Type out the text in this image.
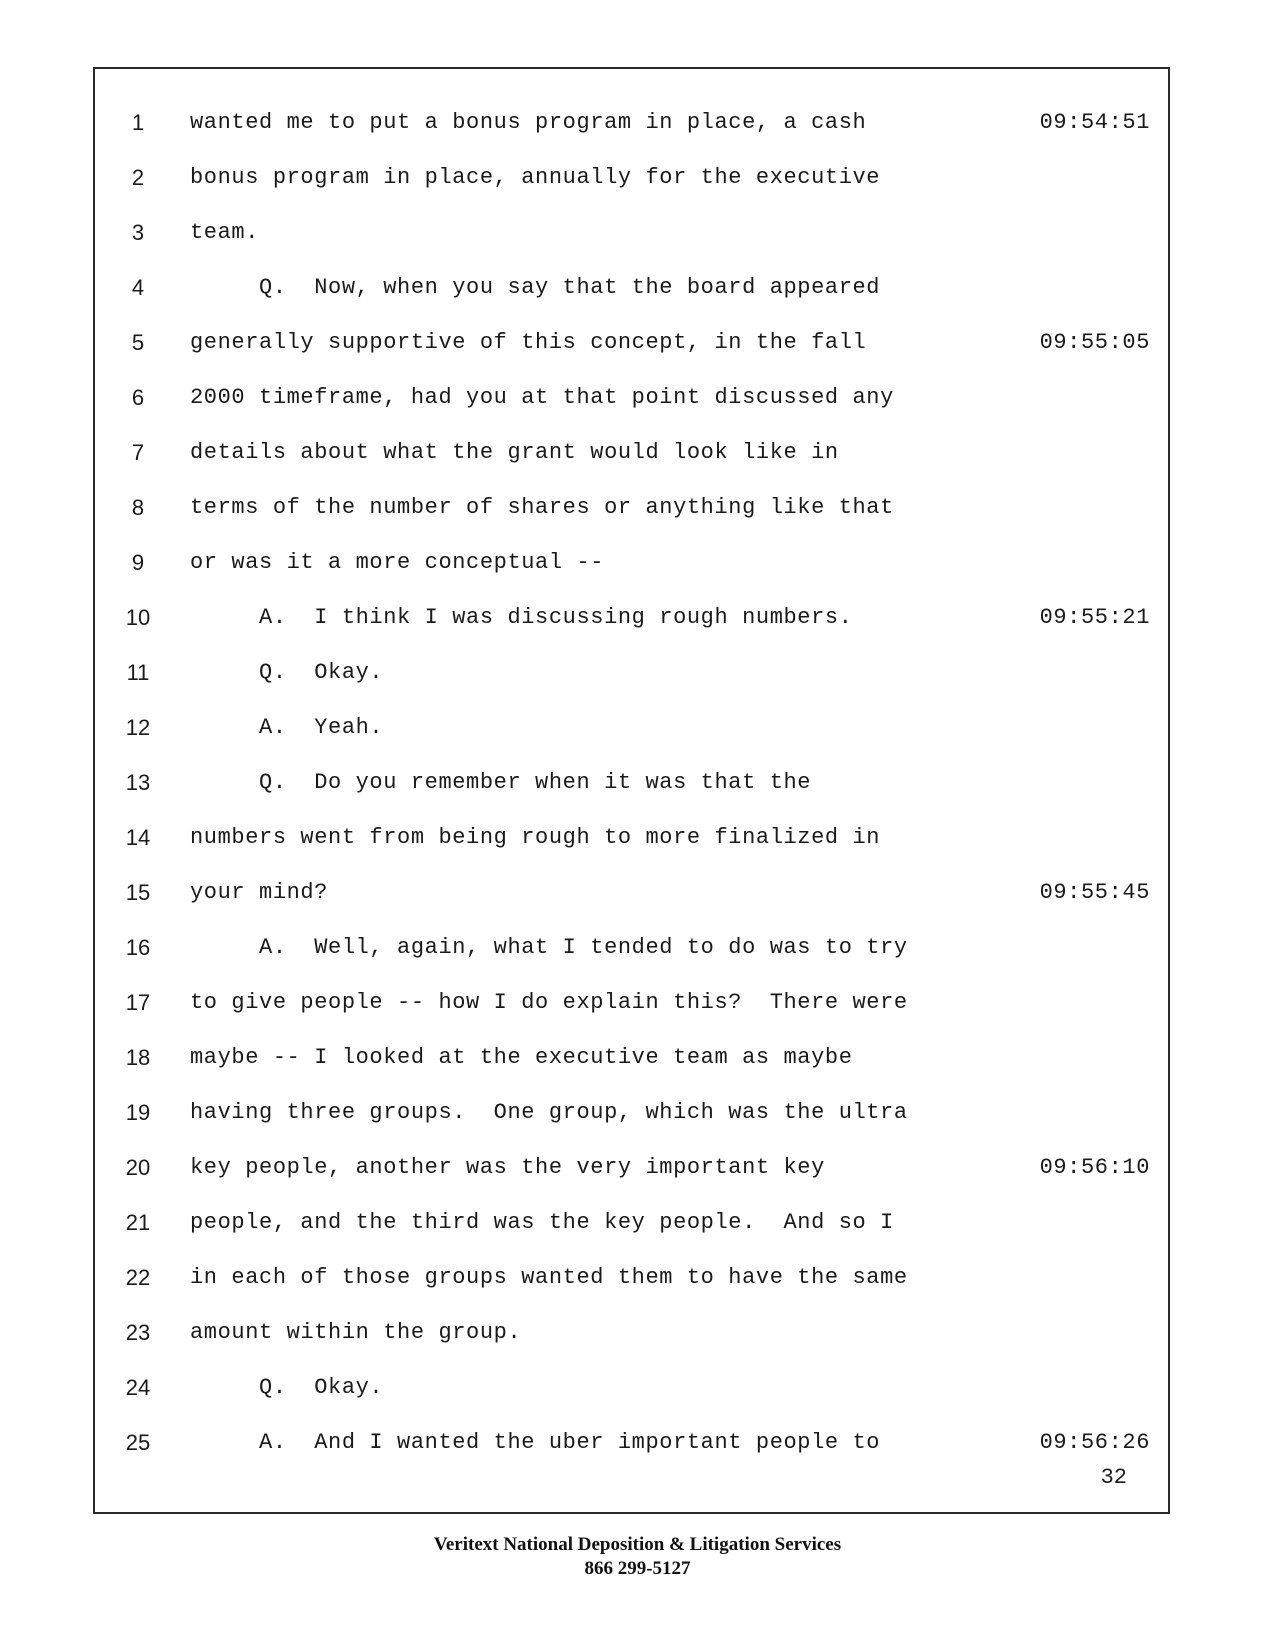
1	wanted me to put a bonus program in place, a cash	09:54:51
2	bonus program in place, annually for the executive
3	team.
4	Q.  Now, when you say that the board appeared
5	generally supportive of this concept, in the fall	09:55:05
6	2000 timeframe, had you at that point discussed any
7	details about what the grant would look like in
8	terms of the number of shares or anything like that
9	or was it a more conceptual --
10	A.  I think I was discussing rough numbers.	09:55:21
11	Q.  Okay.
12	A.  Yeah.
13	Q.  Do you remember when it was that the
14	numbers went from being rough to more finalized in
15	your mind?	09:55:45
16	A.  Well, again, what I tended to do was to try
17	to give people -- how I do explain this?  There were
18	maybe -- I looked at the executive team as maybe
19	having three groups.  One group, which was the ultra
20	key people, another was the very important key	09:56:10
21	people, and the third was the key people.  And so I
22	in each of those groups wanted them to have the same
23	amount within the group.
24	Q.  Okay.
25	A.  And I wanted the uber important people to	09:56:26
32
Veritext National Deposition & Litigation Services
866 299-5127
